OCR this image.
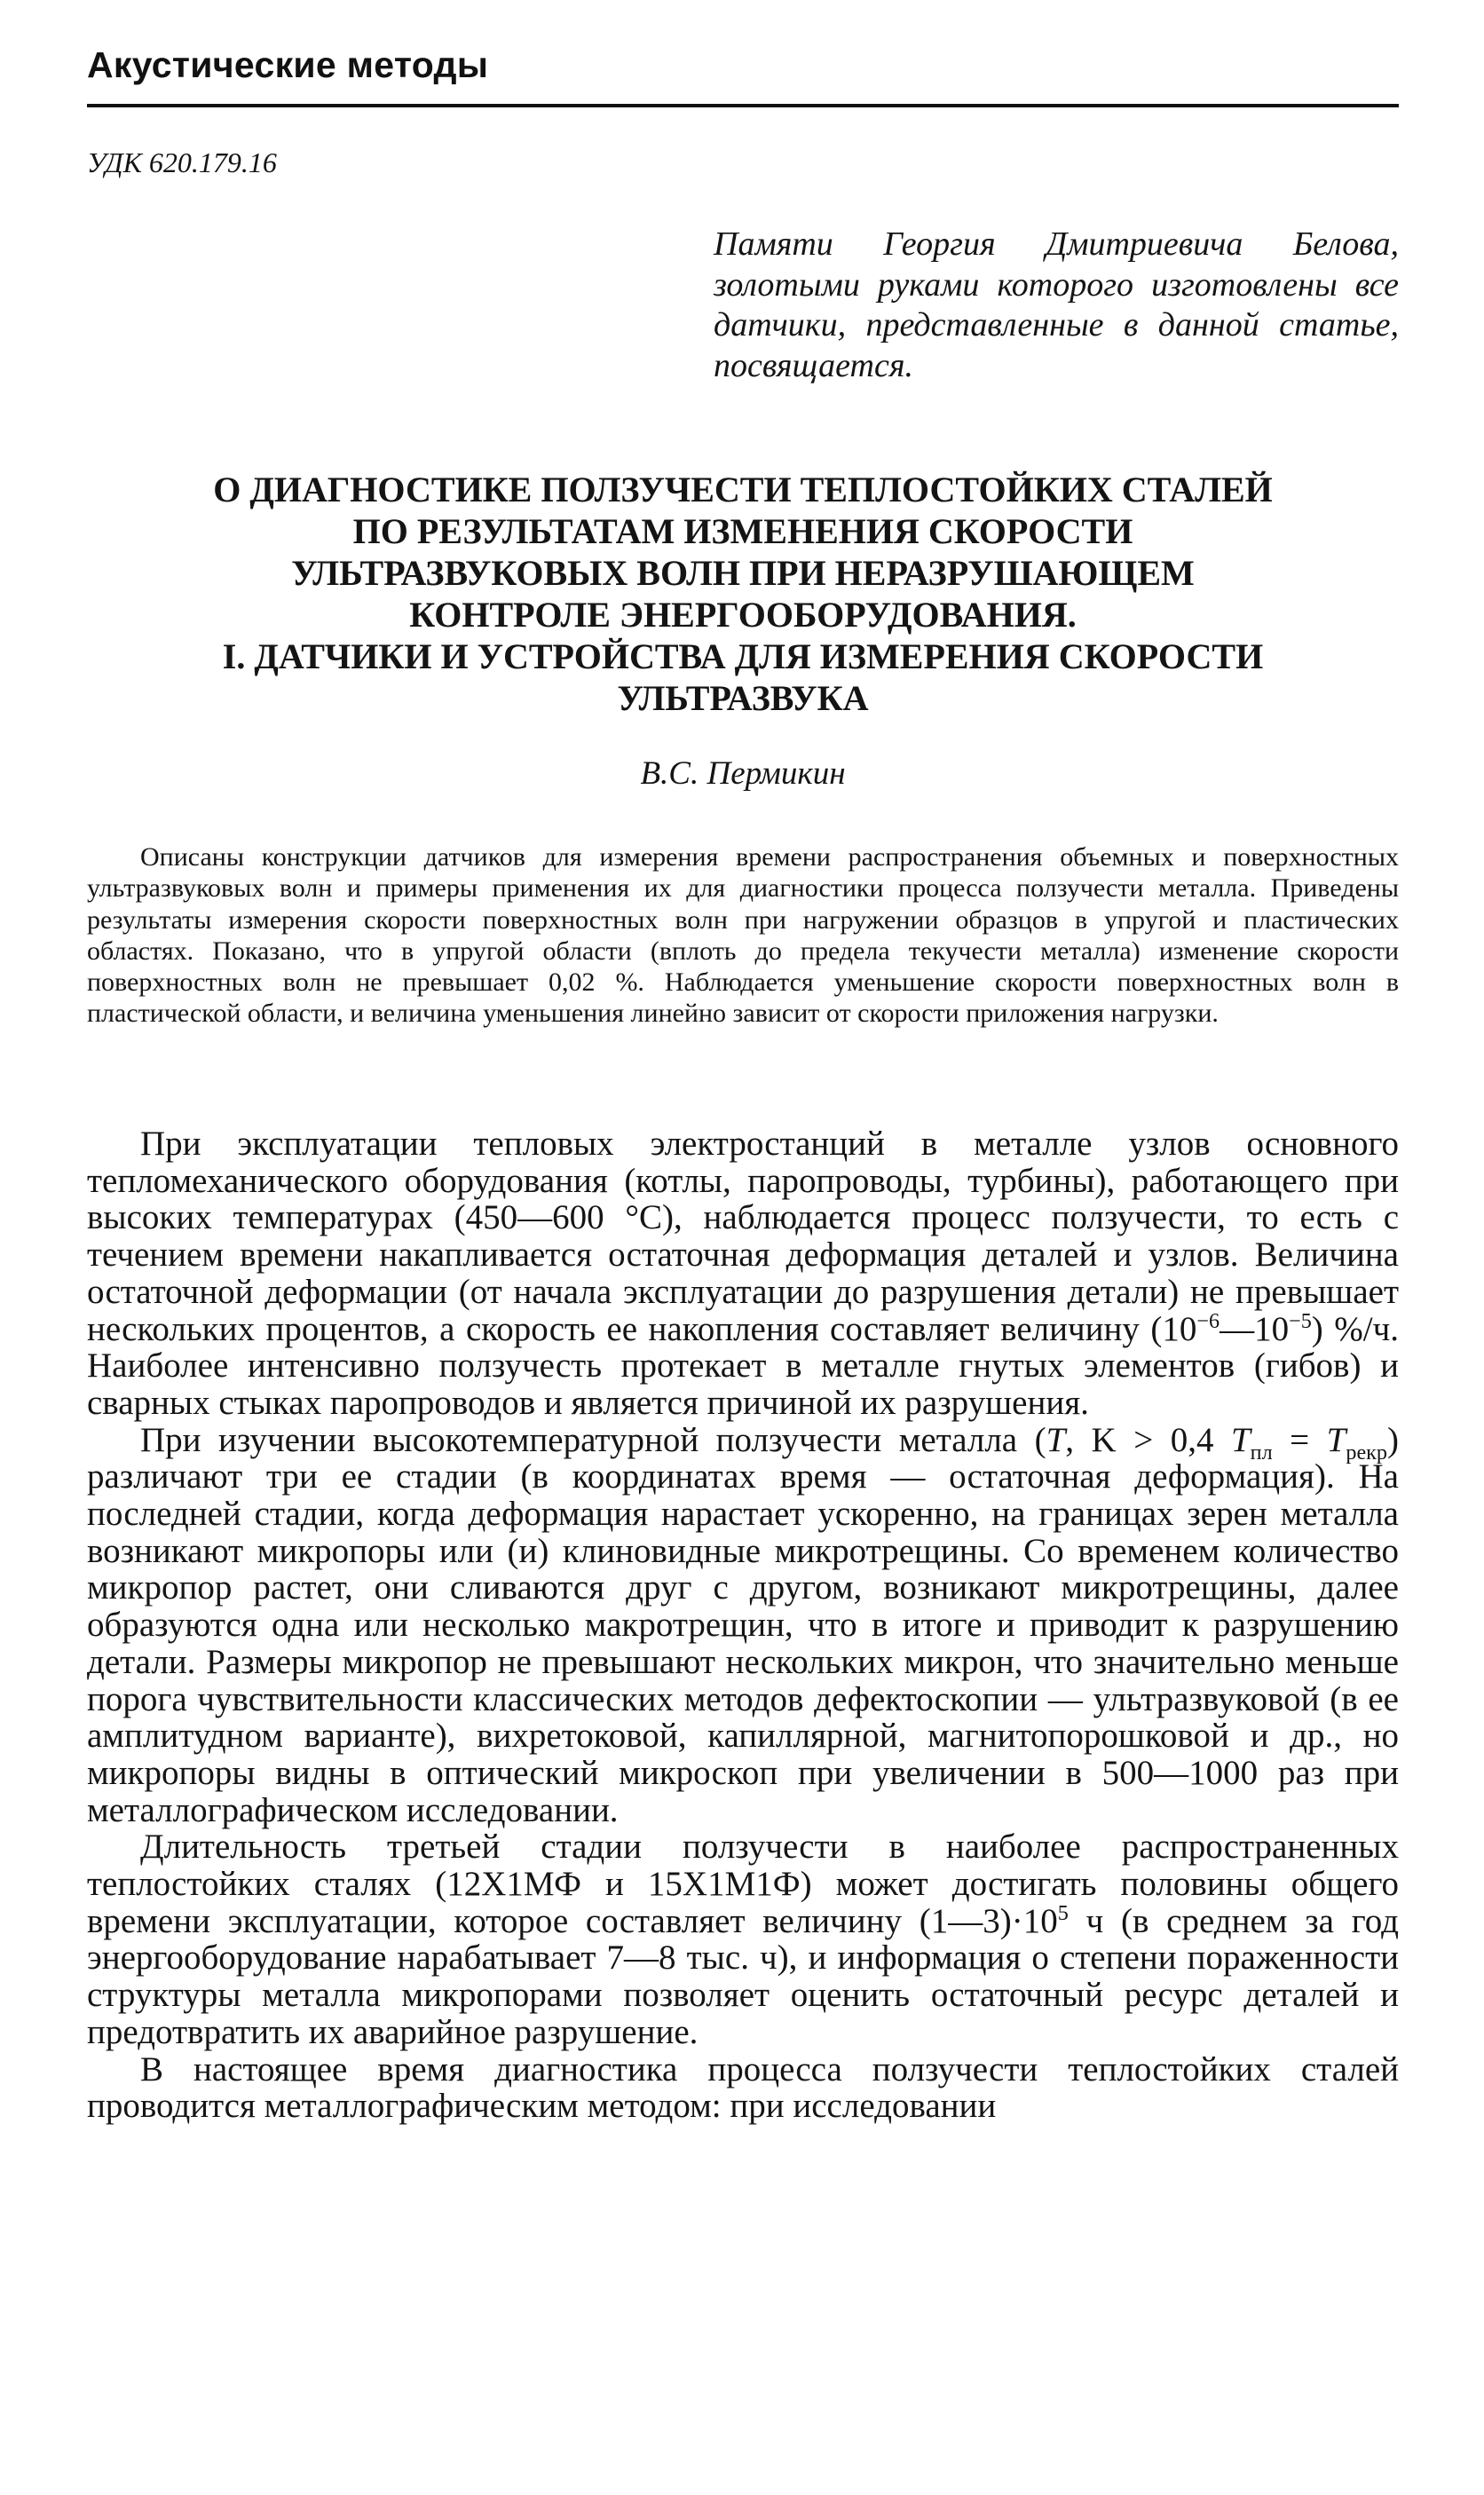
Акустические методы
УДК 620.179.16
Памяти Георгия Дмитриевича Белова, золотыми руками которого изготовлены все датчики, представленные в данной статье, посвящается.
О ДИАГНОСТИКЕ ПОЛЗУЧЕСТИ ТЕПЛОСТОЙКИХ СТАЛЕЙ
ПО РЕЗУЛЬТАТАМ ИЗМЕНЕНИЯ СКОРОСТИ
УЛЬТРАЗВУКОВЫХ ВОЛН ПРИ НЕРАЗРУШАЮЩЕМ
КОНТРОЛЕ ЭНЕРГООБОРУДОВАНИЯ.
I. ДАТЧИКИ И УСТРОЙСТВА ДЛЯ ИЗМЕРЕНИЯ СКОРОСТИ
УЛЬТРАЗВУКА
В.С. Пермикин
Описаны конструкции датчиков для измерения времени распространения объемных и поверхностных ультразвуковых волн и примеры применения их для диагностики процесса ползучести металла. Приведены результаты измерения скорости поверхностных волн при нагружении образцов в упругой и пластических областях. Показано, что в упругой области (вплоть до предела текучести металла) изменение скорости поверхностных волн не превышает 0,02 %. Наблюдается уменьшение скорости поверхностных волн в пластической области, и величина уменьшения линейно зависит от скорости приложения нагрузки.

При эксплуатации тепловых электростанций в металле узлов основного тепломеханического оборудования (котлы, паропроводы, турбины), работающего при высоких температурах (450—600 °С), наблюдается процесс ползучести, то есть с течением времени накапливается остаточная деформация деталей и узлов. Величина остаточной деформации (от начала эксплуатации до разрушения детали) не превышает нескольких процентов, а скорость ее накопления составляет величину $(10^{-6}—10^{-5})$ %/ч. Наиболее интенсивно ползучесть протекает в металле гнутых элементов (гибов) и сварных стыках паропроводов и является причиной их разрушения.

При изучении высокотемпературной ползучести металла (T, K > 0,4 $T_{пл} = T_{рекр}$) различают три ее стадии (в координатах время — остаточная деформация). На последней стадии, когда деформация нарастает ускоренно, на границах зерен металла возникают микропоры или (и) клиновидные микротрещины. Со временем количество микропор растет, они сливаются друг с другом, возникают микротрещины, далее образуются одна или несколько макротрещин, что в итоге и приводит к разрушению детали. Размеры микропор не превышают нескольких микрон, что значительно меньше порога чувствительности классических методов дефектоскопии — ультразвуковой (в ее амплитудном варианте), вихретоковой, капиллярной, магнитопорошковой и др., но микропоры видны в оптический микроскоп при увеличении в 500—1000 раз при металлографическом исследовании.

Длительность третьей стадии ползучести в наиболее распространенных теплостойких сталях (12Х1МФ и 15Х1М1Ф) может достигать половины общего времени эксплуатации, которое составляет величину $(1—3)\cdot 10^5$ ч (в среднем за год энергооборудование нарабатывает 7—8 тыс. ч), и информация о степени пораженности структуры металла микропорами позволяет оценить остаточный ресурс деталей и предотвратить их аварийное разрушение.

В настоящее время диагностика процесса ползучести теплостойких сталей проводится металлографическим методом: при исследовании
